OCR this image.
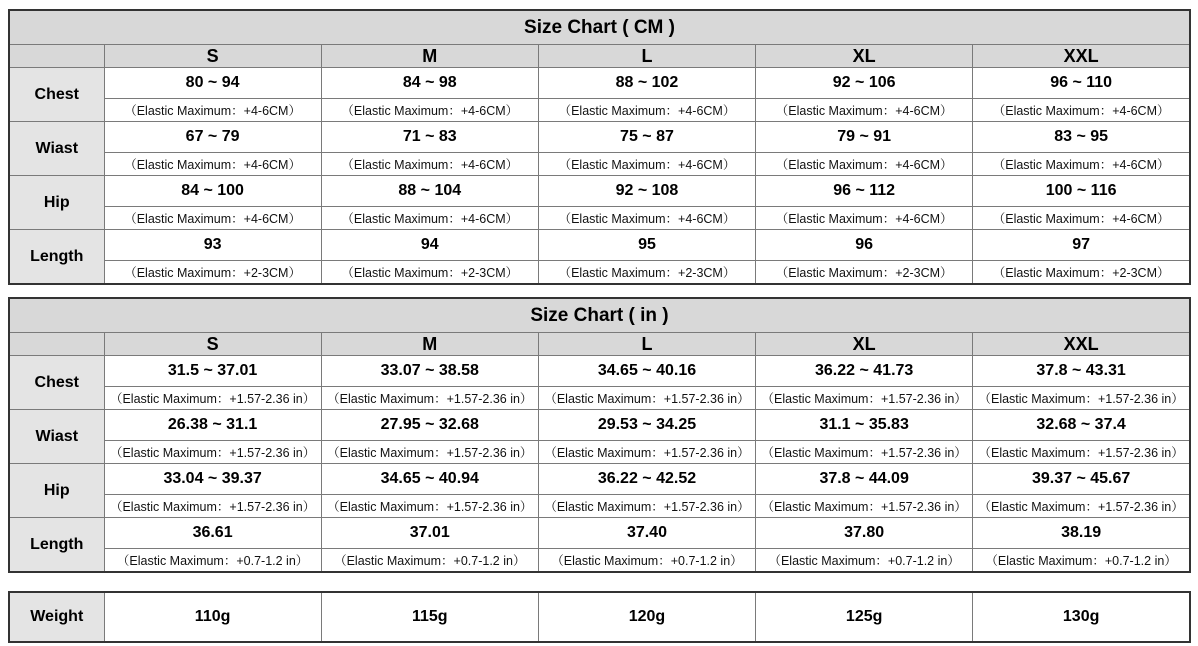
Size Chart ( CM )					
	S	M	L	XL	XXL
Chest	80 ~ 94	84 ~ 98	88 ~ 102	92 ~ 106	96 ~ 110
	（Elastic Maximum：+4-6CM）	（Elastic Maximum：+4-6CM）	（Elastic Maximum：+4-6CM）	（Elastic Maximum：+4-6CM）	（Elastic Maximum：+4-6CM）
Wiast	67 ~ 79	71 ~ 83	75 ~ 87	79 ~ 91	83 ~ 95
	（Elastic Maximum：+4-6CM）	（Elastic Maximum：+4-6CM）	（Elastic Maximum：+4-6CM）	（Elastic Maximum：+4-6CM）	（Elastic Maximum：+4-6CM）
Hip	84 ~ 100	88 ~ 104	92 ~ 108	96 ~ 112	100 ~ 116
	（Elastic Maximum：+4-6CM）	（Elastic Maximum：+4-6CM）	（Elastic Maximum：+4-6CM）	（Elastic Maximum：+4-6CM）	（Elastic Maximum：+4-6CM）
Length	93	94	95	96	97
	（Elastic Maximum：+2-3CM）	（Elastic Maximum：+2-3CM）	（Elastic Maximum：+2-3CM）	（Elastic Maximum：+2-3CM）	（Elastic Maximum：+2-3CM）
Size Chart ( in )					
	S	M	L	XL	XXL
Chest	31.5 ~ 37.01	33.07 ~ 38.58	34.65 ~ 40.16	36.22 ~ 41.73	37.8 ~ 43.31
	（Elastic Maximum：+1.57-2.36 in）	（Elastic Maximum：+1.57-2.36 in）	（Elastic Maximum：+1.57-2.36 in）	（Elastic Maximum：+1.57-2.36 in）	（Elastic Maximum：+1.57-2.36 in）
Wiast	26.38 ~ 31.1	27.95 ~ 32.68	29.53 ~ 34.25	31.1 ~ 35.83	32.68 ~ 37.4
	（Elastic Maximum：+1.57-2.36 in）	（Elastic Maximum：+1.57-2.36 in）	（Elastic Maximum：+1.57-2.36 in）	（Elastic Maximum：+1.57-2.36 in）	（Elastic Maximum：+1.57-2.36 in）
Hip	33.04 ~ 39.37	34.65 ~ 40.94	36.22 ~ 42.52	37.8 ~ 44.09	39.37 ~ 45.67
	（Elastic Maximum：+1.57-2.36 in）	（Elastic Maximum：+1.57-2.36 in）	（Elastic Maximum：+1.57-2.36 in）	（Elastic Maximum：+1.57-2.36 in）	（Elastic Maximum：+1.57-2.36 in）
Length	36.61	37.01	37.40	37.80	38.19
	（Elastic Maximum：+0.7-1.2 in）	（Elastic Maximum：+0.7-1.2 in）	（Elastic Maximum：+0.7-1.2 in）	（Elastic Maximum：+0.7-1.2 in）	（Elastic Maximum：+0.7-1.2 in）
Weight	110g	115g	120g	125g	130g
